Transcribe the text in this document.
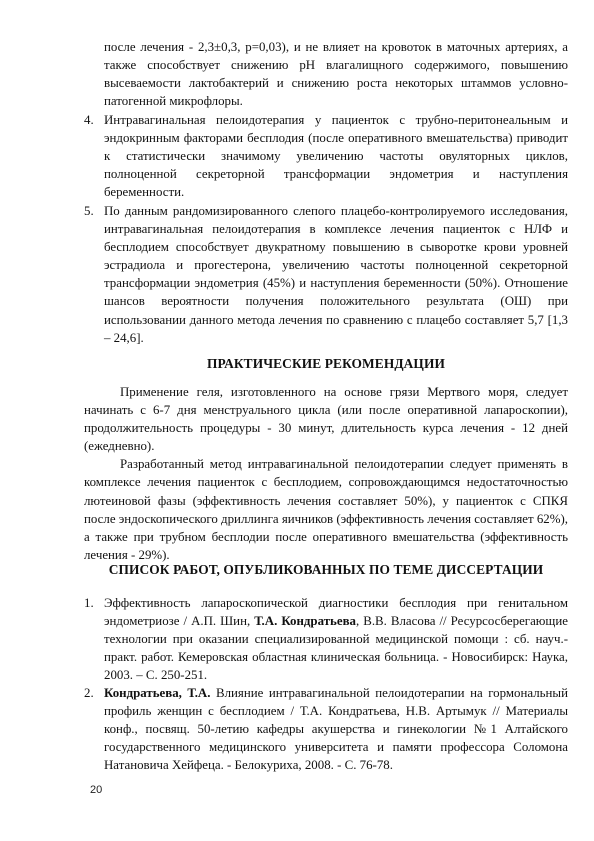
после лечения - 2,3±0,3, р=0,03), и не влияет на кровоток в маточных артериях, а также способствует снижению рН влагалищного содержимого, повышению высеваемости лактобактерий и снижению роста некоторых штаммов условно-патогенной микрофлоры.
4. Интравагинальная пелоидотерапия у пациенток с трубно-перитонеальным и эндокринным факторами бесплодия (после оперативного вмешательства) приводит к статистически значимому увеличению частоты овуляторных циклов, полноценной секреторной трансформации эндометрия и наступления беременности.
5. По данным рандомизированного слепого плацебо-контролируемого исследования, интравагинальная пелоидотерапия в комплексе лечения пациенток с НЛФ и бесплодием способствует двукратному повышению в сыворотке крови уровней эстрадиола и прогестерона, увеличению частоты полноценной секреторной трансформации эндометрия (45%) и наступления беременности (50%). Отношение шансов вероятности получения положительного результата (ОШ) при использовании данного метода лечения по сравнению с плацебо составляет 5,7 [1,3 – 24,6].
ПРАКТИЧЕСКИЕ РЕКОМЕНДАЦИИ

Применение геля, изготовленного на основе грязи Мертвого моря, следует начинать с 6-7 дня менструального цикла (или после оперативной лапароскопии), продолжительность процедуры - 30 минут, длительность курса лечения - 12 дней (ежедневно).

Разработанный метод интравагинальной пелоидотерапии следует применять в комплексе лечения пациенток с бесплодием, сопровождающимся недостаточностью лютеиновой фазы (эффективность лечения составляет 50%), у пациенток с СПКЯ после эндоскопического дриллинга яичников (эффективность лечения составляет 62%), а также при трубном бесплодии после оперативного вмешательства (эффективность лечения - 29%).

СПИСОК РАБОТ, ОПУБЛИКОВАННЫХ ПО ТЕМЕ ДИССЕРТАЦИИ
1. Эффективность лапароскопической диагностики бесплодия при генитальном эндометриозе / А.П. Шин, Т.А. Кондратьева, В.В. Власова // Ресурсосберегающие технологии при оказании специализированной медицинской помощи : сб. науч.-практ. работ. Кемеровская областная клиническая больница. - Новосибирск: Наука, 2003. – С. 250-251.
2. Кондратьева, Т.А. Влияние интравагинальной пелоидотерапии на гормональный профиль женщин с бесплодием / Т.А. Кондратьева, Н.В. Артымук // Материалы конф., посвящ. 50-летию кафедры акушерства и гинекологии №1 Алтайского государственного медицинского университета и памяти профессора Соломона Натановича Хейфеца. - Белокуриха, 2008. - С. 76-78.
20
